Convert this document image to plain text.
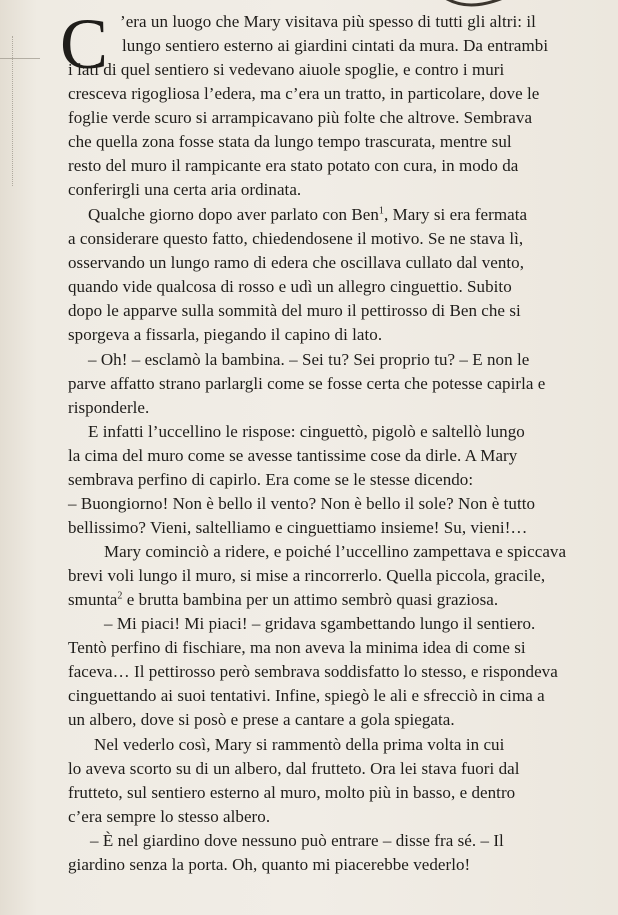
C ’era un luogo che Mary visitava più spesso di tutti gli altri: il
lungo sentiero esterno ai giardini cintati da mura. Da entrambi
i lati di quel sentiero si vedevano aiuole spoglie, e contro i muri
cresceva rigogliosa l’edera, ma c’era un tratto, in particolare, dove le
foglie verde scuro si arrampicavano più folte che altrove. Sembrava
che quella zona fosse stata da lungo tempo trascurata, mentre sul
resto del muro il rampicante era stato potato con cura, in modo da
conferirgli una certa aria ordinata.
Qualche giorno dopo aver parlato con Ben$^1$, Mary si era fermata
a considerare questo fatto, chiedendosene il motivo. Se ne stava lì,
osservando un lungo ramo di edera che oscillava cullato dal vento,
quando vide qualcosa di rosso e udì un allegro cinguettio. Subito
dopo le apparve sulla sommità del muro il pettirosso di Ben che si
sporgeva a fissarla, piegando il capino di lato.
– Oh! – esclamò la bambina. – Sei tu? Sei proprio tu? – E non le
parve affatto strano parlargli come se fosse certa che potesse capirla e
risponderle.
E infatti l’uccellino le rispose: cinguettò, pigolò e saltellò lungo
la cima del muro come se avesse tantissime cose da dirle. A Mary
sembrava perfino di capirlo. Era come se le stesse dicendo:
– Buongiorno! Non è bello il vento? Non è bello il sole? Non è tutto
bellissimo? Vieni, saltelliamo e cinguettiamo insieme! Su, vieni!…
Mary cominciò a ridere, e poiché l’uccellino zampettava e spiccava
brevi voli lungo il muro, si mise a rincorrerlo. Quella piccola, gracile,
smunta$^2$ e brutta bambina per un attimo sembrò quasi graziosa.
– Mi piaci! Mi piaci! – gridava sgambettando lungo il sentiero.
Tentò perfino di fischiare, ma non aveva la minima idea di come si
faceva… Il pettirosso però sembrava soddisfatto lo stesso, e rispondeva
cinguettando ai suoi tentativi. Infine, spiegò le ali e sfrecciò in cima a
un albero, dove si posò e prese a cantare a gola spiegata.
Nel vederlo così, Mary si rammentò della prima volta in cui
lo aveva scorto su di un albero, dal frutteto. Ora lei stava fuori dal
frutteto, sul sentiero esterno al muro, molto più in basso, e dentro
c’era sempre lo stesso albero.
– È nel giardino dove nessuno può entrare – disse fra sé. – Il
giardino senza la porta. Oh, quanto mi piacerebbe vederlo!
